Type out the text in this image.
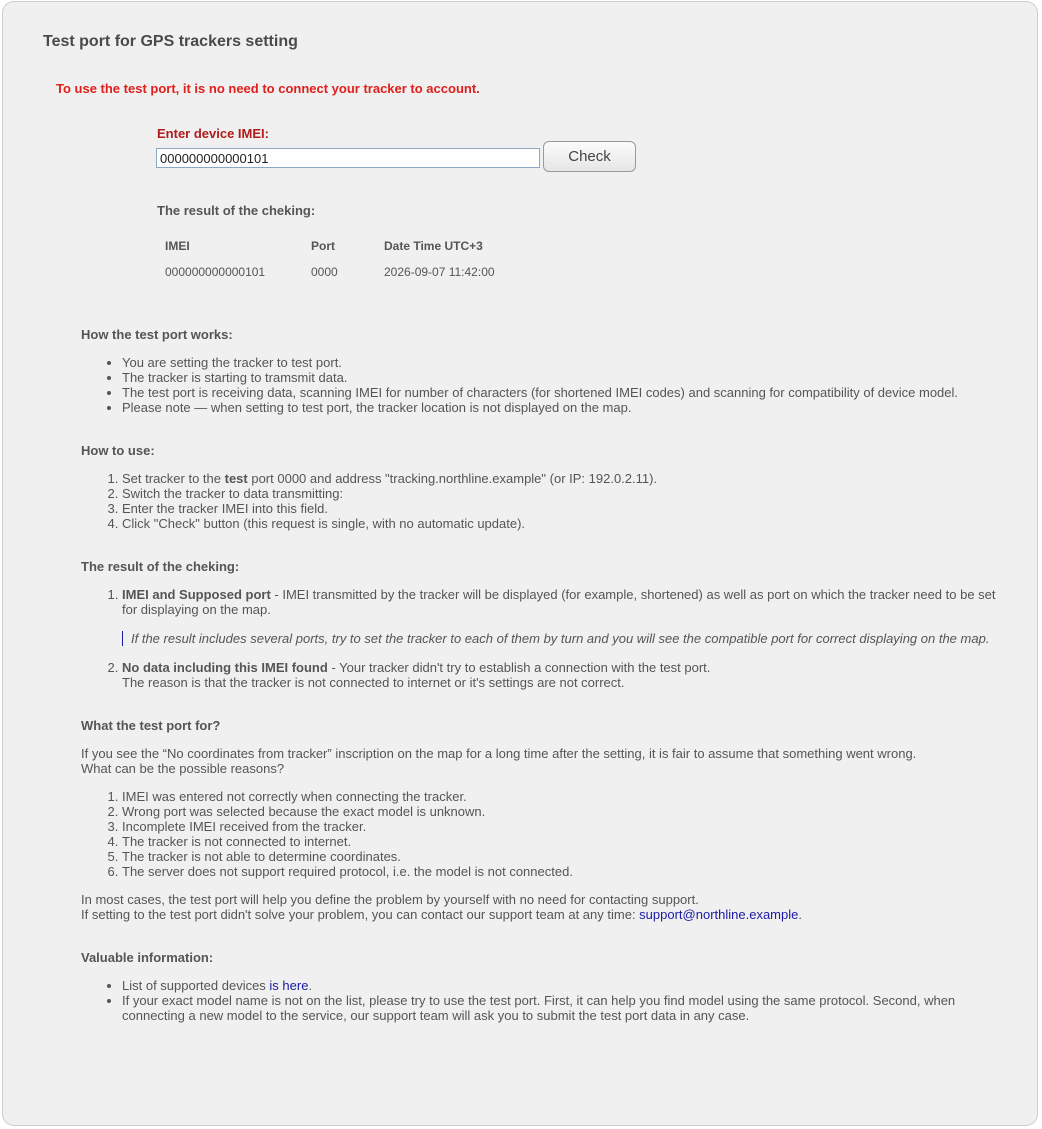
Test port for GPS trackers setting
To use the test port, it is no need to connect your tracker to account.
Enter device IMEI:
000000000000101
Check
The result of the cheking:
IMEI	Port	Date Time UTC+3
000000000000101	0000	2026-09-07 11:42:00
How the test port works:
• You are setting the tracker to test port.
• The tracker is starting to tramsmit data.
• The test port is receiving data, scanning IMEI for number of characters (for shortened IMEI codes) and scanning for compatibility of device model.
• Please note — when setting to test port, the tracker location is not displayed on the map.
How to use:
1. Set tracker to the test port 0000 and address "tracking.northline.example" (or IP: 192.0.2.11).
2. Switch the tracker to data transmitting:
3. Enter the tracker IMEI into this field.
4. Click "Check" button (this request is single, with no automatic update).
The result of the cheking:
1. IMEI and Supposed port - IMEI transmitted by the tracker will be displayed (for example, shortened) as well as port on which the tracker need to be set for displaying on the map.
If the result includes several ports, try to set the tracker to each of them by turn and you will see the compatible port for correct displaying on the map.
2. No data including this IMEI found - Your tracker didn't try to establish a connection with the test port.
The reason is that the tracker is not connected to internet or it's settings are not correct.
What the test port for?

If you see the “No coordinates from tracker” inscription on the map for a long time after the setting, it is fair to assume that something went wrong.
What can be the possible reasons?

1. IMEI was entered not correctly when connecting the tracker.
2. Wrong port was selected because the exact model is unknown.
3. Incomplete IMEI received from the tracker.
4. The tracker is not connected to internet.
5. The tracker is not able to determine coordinates.
6. The server does not support required protocol, i.e. the model is not connected.

In most cases, the test port will help you define the problem by yourself with no need for contacting support.
If setting to the test port didn't solve your problem, you can contact our support team at any time: support@northline.example.

Valuable information:
• List of supported devices is here.
• If your exact model name is not on the list, please try to use the test port. First, it can help you find model using the same protocol. Second, when connecting a new model to the service, our support team will ask you to submit the test port data in any case.
